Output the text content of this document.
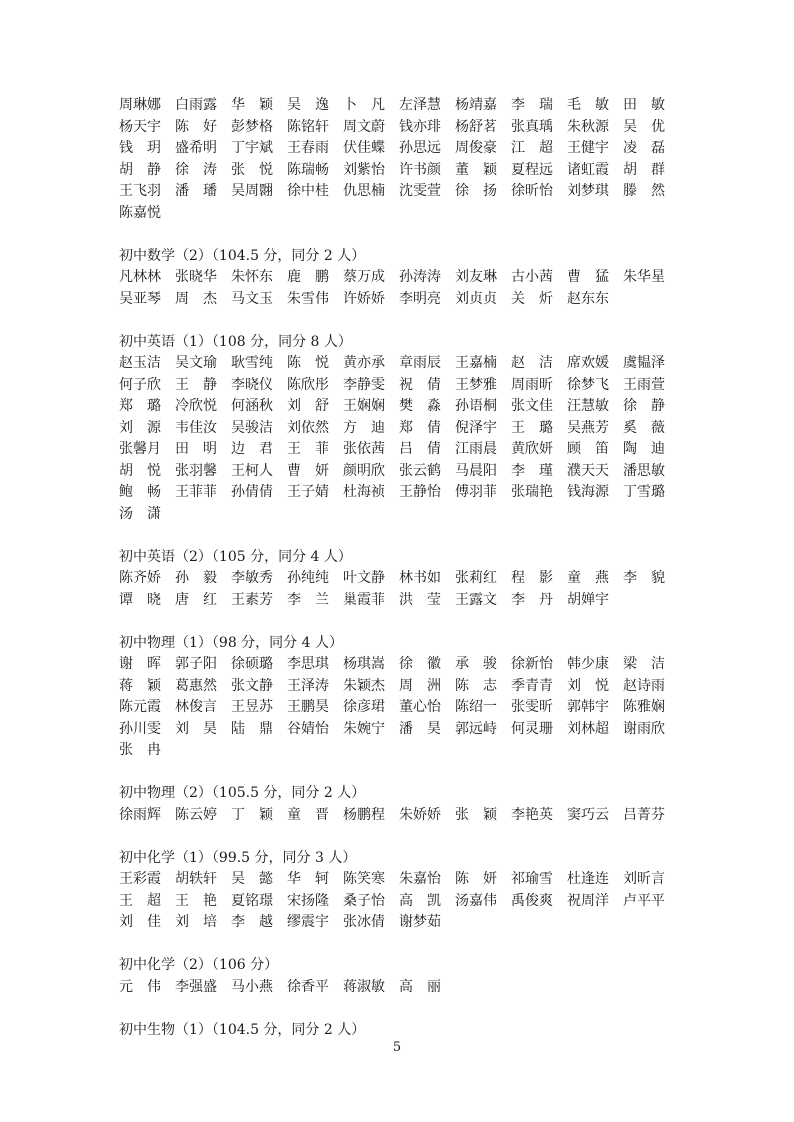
周琳娜	白雨露	华　颖	吴　逸	卜　凡	左泽慧	杨靖嘉	李　瑞	毛　敏	田　敏
杨天宇	陈　好	彭梦格	陈铭轩	周文蔚	钱亦琲	杨舒茗	张真瑀	朱秋源	吴　优
钱　玥	盛希明	丁宇斌	王春雨	伏佳蝶	孙思远	周俊豪	江　超	王健宇	凌　磊
胡　静	徐　涛	张　悦	陈瑞畅	刘紫怡	许书颜	董　颖	夏程远	诸虹霞	胡　群
王飞羽	潘　璠	吴周翾	徐中桂	仇思楠	沈雯萱	徐　扬	徐昕怡	刘梦琪	滕　然
陈嘉悦
初中数学（2）（104.5 分，同分 2 人）
凡林林	张晓华	朱怀东	鹿　鹏	蔡万成	孙涛涛	刘友琳	古小茜	曹　猛	朱华星
吴亚琴	周　杰	马文玉	朱雪伟	许娇娇	李明亮	刘贞贞	关　炘	赵东东
初中英语（1）（108 分，同分 8 人）
赵玉洁	吴文瑜	耿雪纯	陈　悦	黄亦承	章雨辰	王嘉楠	赵　洁	席欢媛	虞韫泽
何子欣	王　静	李晓仪	陈欣彤	李静雯	祝　倩	王梦雅	周雨昕	徐梦飞	王雨萱
郑　璐	冷欣悦	何涵秋	刘　舒	王娴娴	樊　淼	孙语桐	张文佳	汪慧敏	徐　静
刘　源	韦佳汝	吴骏洁	刘依然	方　迪	郑　倩	倪泽宇	王　璐	吴燕芳	奚　薇
张馨月	田　明	边　君	王　菲	张依茜	吕　倩	江雨晨	黄欣妍	顾　笛	陶　迪
胡　悦	张羽馨	王柯人	曹　妍	颜明欣	张云鹤	马晨阳	李　瑾	濮天天	潘思敏
鲍　畅	王菲菲	孙倩倩	王子婧	杜海祯	王静怡	傅羽菲	张瑞艳	钱海源	丁雪璐
汤　潇
初中英语（2）（105 分，同分 4 人）
陈齐娇	孙　毅	李敏秀	孙纯纯	叶文静	林书如	张莉红	程　影	童　燕	李　貌
谭　晓	唐　红	王素芳	李　兰	巢霞菲	洪　莹	王露文	李　丹	胡婵宇
初中物理（1）（98 分，同分 4 人）
谢　晖	郭子阳	徐硕璐	李思琪	杨琪嵩	徐　徽	承　骏	徐新怡	韩少康	梁　洁
蒋　颖	葛惠然	张文静	王泽涛	朱颖杰	周　洲	陈　志	季青青	刘　悦	赵诗雨
陈元霞	林俊言	王昱苏	王鹏昊	徐彦珺	董心怡	陈绍一	张雯昕	郭韩宇	陈雅娴
孙川雯	刘　昊	陆　鼎	谷婧怡	朱婉宁	潘　昊	郭远峙	何灵珊	刘林超	谢雨欣
张　冉
初中物理（2）（105.5 分，同分 2 人）
徐雨辉	陈云婷	丁　颖	童　晋	杨鹏程	朱娇娇	张　颖	李艳英	窦巧云	吕菁芬
初中化学（1）（99.5 分，同分 3 人）
王彩霞	胡轶轩	吴　懿	华　轲	陈笑寒	朱嘉怡	陈　妍	祁瑜雪	杜逢连	刘昕言
王　超	王　艳	夏铭璟	宋扬隆	桑子怡	高　凯	汤嘉伟	禹俊爽	祝周洋	卢平平
刘　佳	刘　培	李　越	缪震宇	张冰倩	谢梦茹
初中化学（2）（106 分）
元　伟	李强盛	马小燕	徐香平	蒋淑敏	高　丽
初中生物（1）（104.5 分，同分 2 人）
5
